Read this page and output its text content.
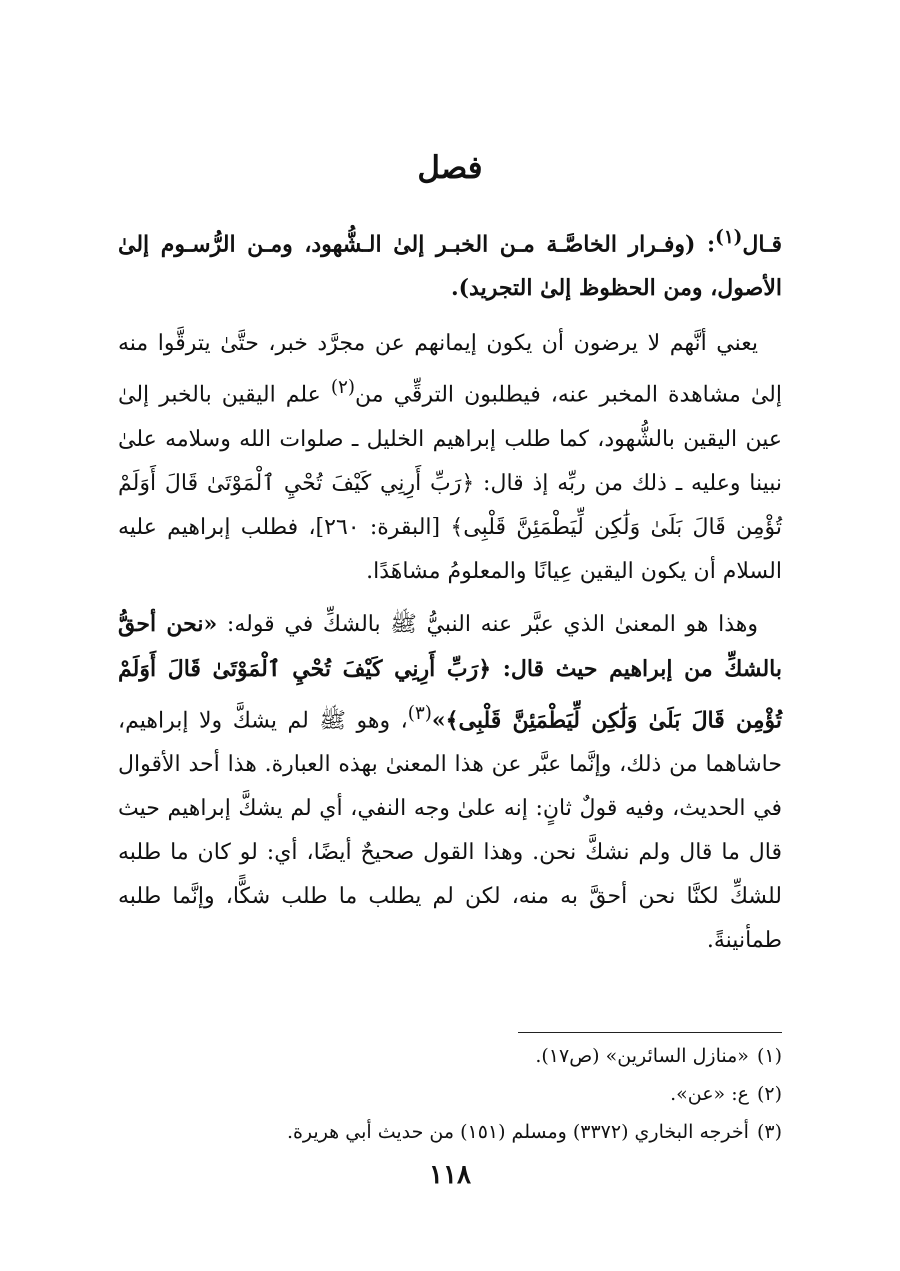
فصل

قـال$^{(١)}$: (وفـرار الخاصَّـة مـن الخبـر إلىٰ الـشُّهود، ومـن الرُّسـوم إلىٰ الأصول، ومن الحظوظ إلىٰ التجريد).

يعني أنَّهم لا يرضون أن يكون إيمانهم عن مجرَّد خبر، حتَّىٰ يترقَّوا منه إلىٰ مشاهدة المخبر عنه، فيطلبون الترقِّي من$^{(٢)}$ علم اليقين بالخبر إلىٰ عين اليقين بالشُّهود، كما طلب إبراهيم الخليل ـ صلوات الله وسلامه علىٰ نبينا وعليه ـ ذلك من ربِّه إذ قال: ﴿رَبِّ أَرِنِي كَيْفَ تُحْيِ ٱلْمَوْتَىٰ قَالَ أَوَلَمْ تُؤْمِن قَالَ بَلَىٰ وَلَٰكِن لِّيَطْمَئِنَّ قَلْبِى﴾ [البقرة: ٢٦٠]، فطلب إبراهيم عليه السلام أن يكون اليقين عِيانًا والمعلومُ مشاهَدًا.

وهذا هو المعنىٰ الذي عبَّر عنه النبيُّ ﷺ بالشكِّ في قوله: «نحن أحقُّ بالشكِّ من إبراهيم حيث قال: ﴿رَبِّ أَرِنِي كَيْفَ تُحْيِ ٱلْمَوْتَىٰ قَالَ أَوَلَمْ تُؤْمِن قَالَ بَلَىٰ وَلَٰكِن لِّيَطْمَئِنَّ قَلْبِى﴾»$^{(٣)}$، وهو ﷺ لم يشكَّ ولا إبراهيم، حاشاهما من ذلك، وإنَّما عبَّر عن هذا المعنىٰ بهذه العبارة. هذا أحد الأقوال في الحديث، وفيه قولٌ ثانٍ: إنه علىٰ وجه النفي، أي لم يشكَّ إبراهيم حيث قال ما قال ولم نشكَّ نحن. وهذا القول صحيحٌ أيضًا، أي: لو كان ما طلبه للشكِّ لكنَّا نحن أحقَّ به منه، لكن لم يطلب ما طلب شكًّا، وإنَّما طلبه طمأنينةً.

(١)
«منازل السائرين» (ص١٧).
(٢)
ع: «عن».
(٣)
أخرجه البخاري (٣٣٧٢) ومسلم (١٥١) من حديث أبي هريرة.
١١٨
